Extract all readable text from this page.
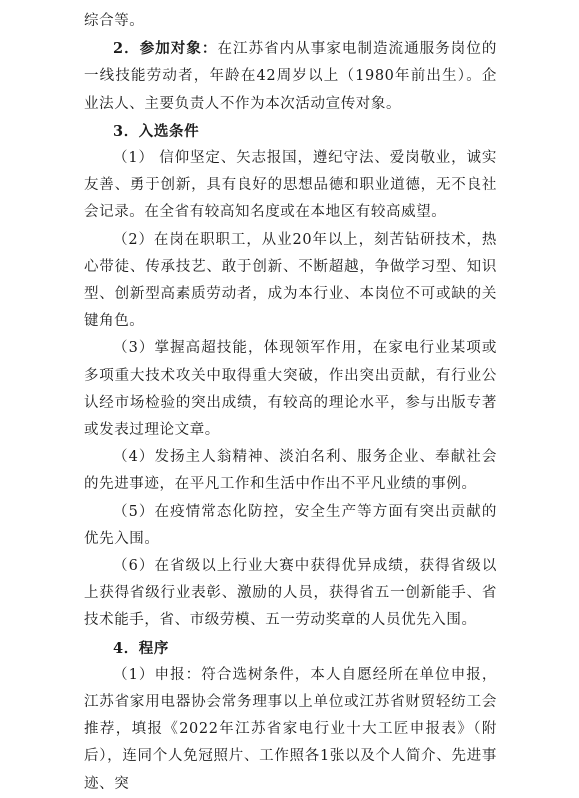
综合等。

2．参加对象：在江苏省内从事家电制造流通服务岗位的一线技能劳动者，年龄在42周岁以上（1980年前出生）。企业法人、主要负责人不作为本次活动宣传对象。

3．入选条件

（1） 信仰坚定、矢志报国，遵纪守法、爱岗敬业，诚实友善、勇于创新，具有良好的思想品德和职业道德，无不良社会记录。在全省有较高知名度或在本地区有较高威望。

（2）在岗在职职工，从业20年以上，刻苦钻研技术，热心带徒、传承技艺、敢于创新、不断超越，争做学习型、知识型、创新型高素质劳动者，成为本行业、本岗位不可或缺的关键角色。

（3）掌握高超技能，体现领军作用，在家电行业某项或多项重大技术攻关中取得重大突破，作出突出贡献，有行业公认经市场检验的突出成绩，有较高的理论水平，参与出版专著或发表过理论文章。

（4）发扬主人翁精神、淡泊名利、服务企业、奉献社会的先进事迹，在平凡工作和生活中作出不平凡业绩的事例。

（5）在疫情常态化防控，安全生产等方面有突出贡献的优先入围。

（6）在省级以上行业大赛中获得优异成绩，获得省级以上获得省级行业表彰、激励的人员，获得省五一创新能手、省技术能手，省、市级劳模、五一劳动奖章的人员优先入围。

4．程序

（1）申报：符合选树条件，本人自愿经所在单位申报，江苏省家用电器协会常务理事以上单位或江苏省财贸轻纺工会推荐，填报《2022年江苏省家电行业十大工匠申报表》（附后），连同个人免冠照片、工作照各1张以及个人简介、先进事迹、突
